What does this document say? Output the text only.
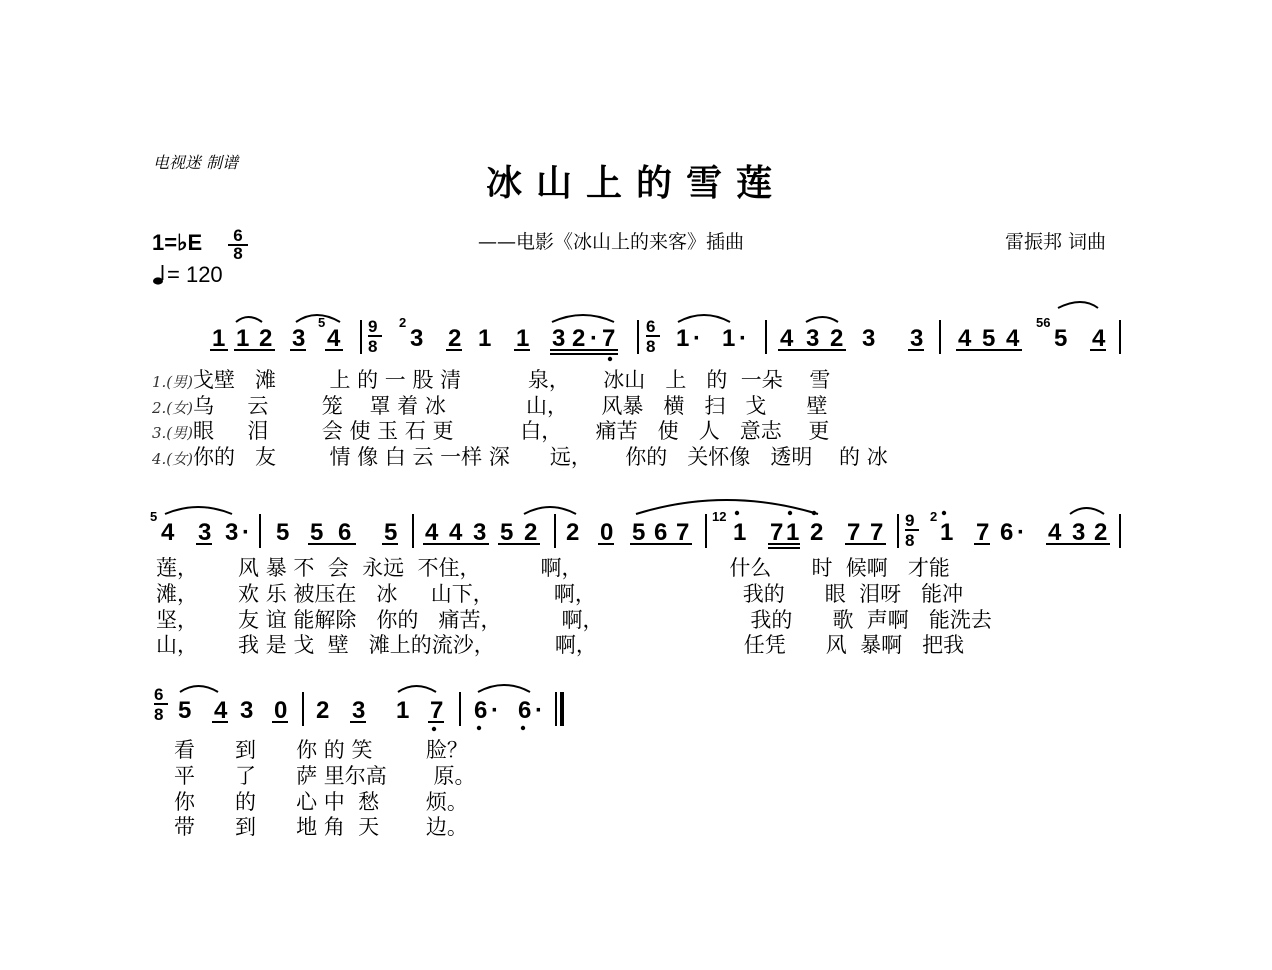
电视迷 制谱	冰山上的雪莲
——电影《冰山上的来客》插曲	雷振邦 词曲
1=♭E $\frac{6}{8}$
= 120
1 1 2 3
5
4 9
8
2
3 2 1 1 3 2 · 7 6
8 1 · 1 · 4 3 2 3 3 4 5 4
56
5 4
5
4 3 3 · 5 5 6 5 4 4 3 5 2 2 0 5 6 7
12
1 7 1 2 7 7 9
8
2
1 7 6 · 4 3 2
6
8 5 4 3 0 2 3 1 7 6 · 6 ·
1.(男)戈壁   滩        上 的 一 股 清          泉，     冰山   上   的  一朵    雪
2.(女)乌     云        笼    罩 着 冰            山，     风暴   横   扫   戈      壁
3.(男)眼     泪        会 使 玉 石 更          白，     痛苦   使   人   意志    更
4.(女)你的   友        情 像 白 云 一样 深      远，     你的   关怀像   透明    的 冰
莲，      风 暴 不  会  永远  不住，         啊，                      什么      时  候啊   才能
滩，      欢 乐 被压在   冰     山下，         啊，                      我的      眼  泪呀   能冲
坚，      友 谊 能解除   你的   痛苦，         啊，                      我的      歌  声啊   能洗去
山，      我 是 戈  壁   滩上的流沙，         啊，                      任凭      风  暴啊   把我
看      到      你 的 笑        脸？
平      了      萨 里尔高       原。
你      的      心 中  愁       烦。
带      到      地 角  天       边。
